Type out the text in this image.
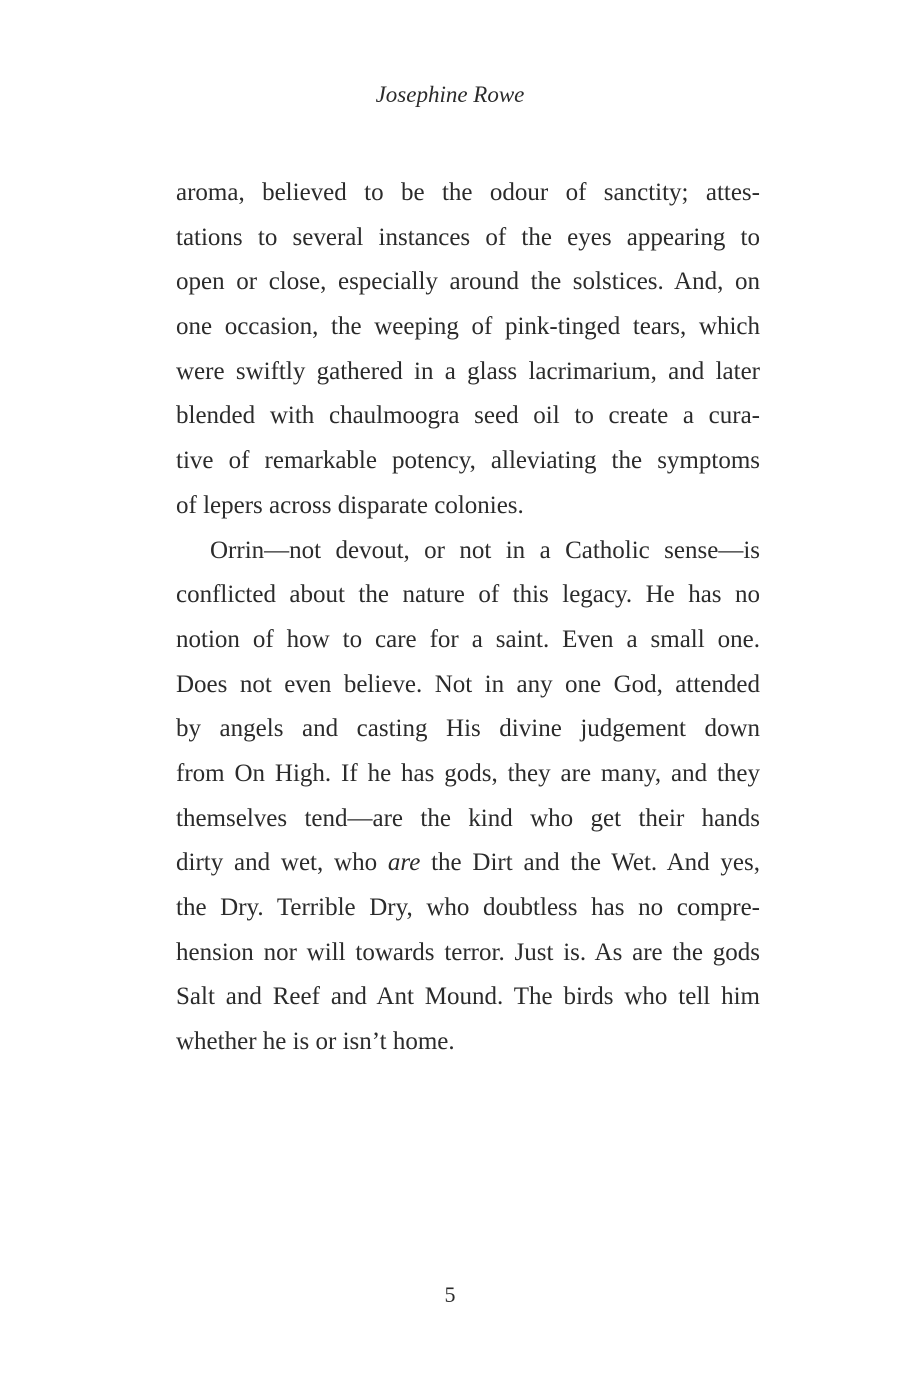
Josephine Rowe
aroma, believed to be the odour of sanctity; attes-
tations to several instances of the eyes appearing to
open or close, especially around the solstices. And, on
one occasion, the weeping of pink-tinged tears, which
were swiftly gathered in a glass lacrimarium, and later
blended with chaulmoogra seed oil to create a cura-
tive of remarkable potency, alleviating the symptoms
of lepers across disparate colonies.
Orrin—not devout, or not in a Catholic sense—is
conflicted about the nature of this legacy. He has no
notion of how to care for a saint. Even a small one.
Does not even believe. Not in any one God, attended
by angels and casting His divine judgement down
from On High. If he has gods, they are many, and they
themselves tend—are the kind who get their hands
dirty and wet, who are the Dirt and the Wet. And yes,
the Dry. Terrible Dry, who doubtless has no compre-
hension nor will towards terror. Just is. As are the gods
Salt and Reef and Ant Mound. The birds who tell him
whether he is or isn’t home.
5
